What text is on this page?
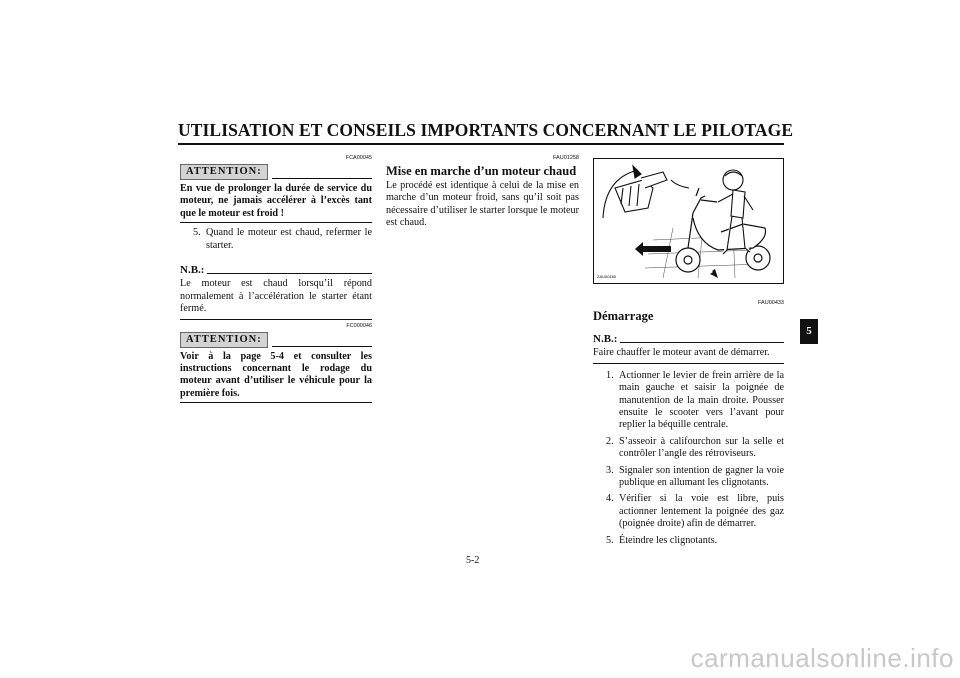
UTILISATION ET CONSEILS IMPORTANTS CONCERNANT LE PILOTAGE
FCA00045
ATTENTION:

En vue de prolonger la durée de service du moteur, ne jamais accélérer à l’excès tant que le moteur est froid !

5. Quand le moteur est chaud, refermer le starter.
N.B.:

Le moteur est chaud lorsqu’il répond normalement à l’accélération le starter étant fermé.

FC000046
ATTENTION:

Voir à la page 5-4 et consulter les instructions concernant le rodage du moteur avant d’utiliser le véhicule pour la première fois.

FAU01258
Mise en marche d’un moteur chaud

Le procédé est identique à celui de la mise en marche d’un moteur froid, sans qu’il soit pas nécessaire d’utiliser le starter lorsque le moteur est chaud.

ZAU00160
FAU00433
Démarrage
N.B.:

Faire chauffer le moteur avant de démarrer.

1. Actionner le levier de frein arrière de la main gauche et saisir la poignée de manutention de la main droite. Pousser ensuite le scooter vers l’avant pour replier la béquille centrale.
2. S’asseoir à califourchon sur la selle et contrôler l’angle des rétroviseurs.
3. Signaler son intention de gagner la voie publique en allumant les clignotants.
4. Vérifier si la voie est libre, puis actionner lentement la poignée des gaz (poignée droite) afin de démarrer.
5. Éteindre les clignotants.
5
5-2
carmanualsonline.info
